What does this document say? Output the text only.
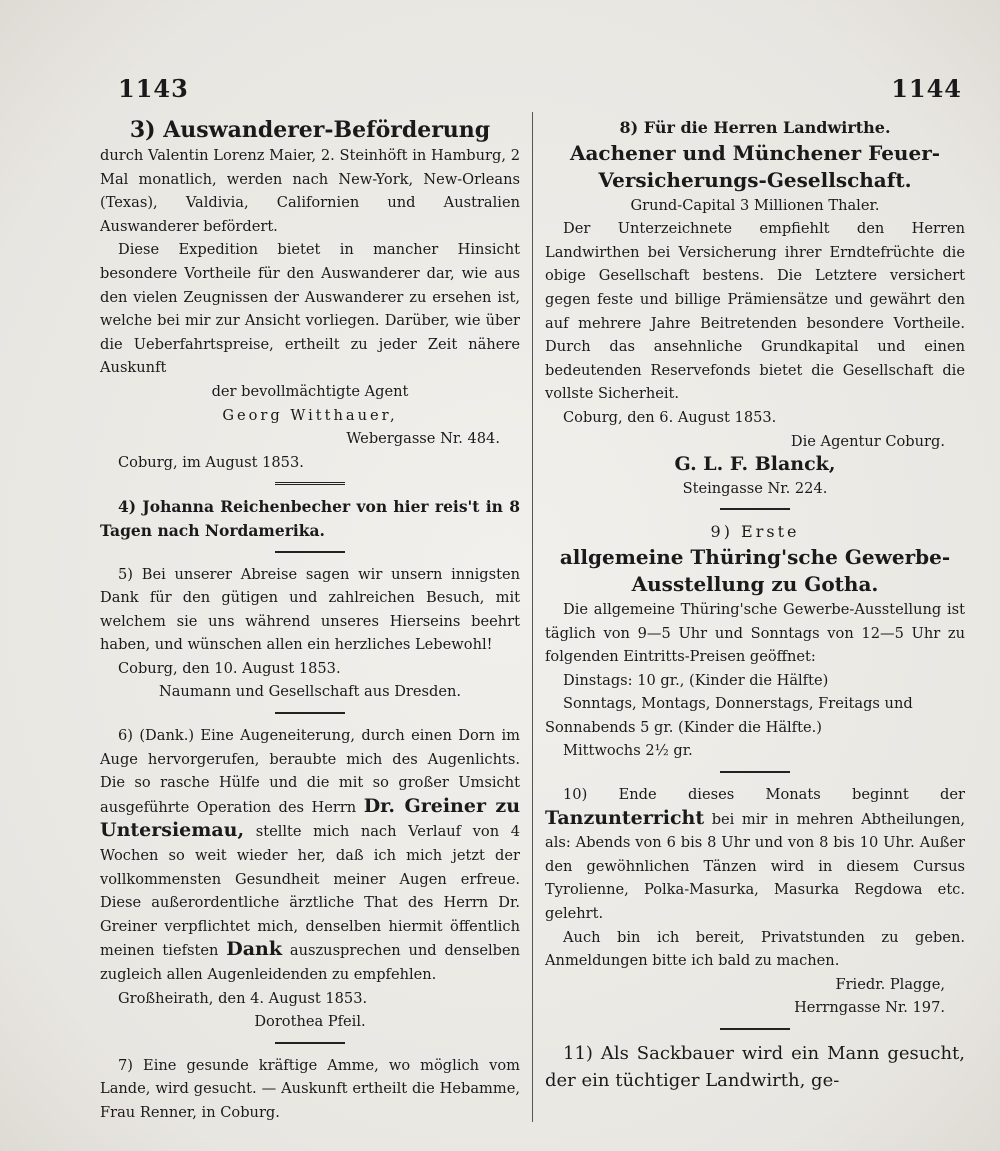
1143	1144

3) Auswanderer-Beförderung

durch Valentin Lorenz Maier, 2. Steinhöft in Hamburg, 2 Mal monatlich, werden nach New-York, New-Orleans (Texas), Valdivia, Californien und Australien Auswanderer befördert.

Diese Expedition bietet in mancher Hinsicht besondere Vortheile für den Auswanderer dar, wie aus den vielen Zeugnissen der Auswanderer zu ersehen ist, welche bei mir zur Ansicht vorliegen. Darüber, wie über die Ueberfahrtspreise, ertheilt zu jeder Zeit nähere Auskunft

der bevollmächtigte Agent

Georg Witthauer,

Webergasse Nr. 484.

Coburg, im August 1853.

4) Johanna Reichenbecher von hier reis't in 8 Tagen nach Nordamerika.

5) Bei unserer Abreise sagen wir unsern innigsten Dank für den gütigen und zahlreichen Besuch, mit welchem sie uns während unseres Hierseins beehrt haben, und wünschen allen ein herzliches Lebewohl!

Coburg, den 10. August 1853.

Naumann und Gesellschaft aus Dresden.

6) (Dank.) Eine Augeneiterung, durch einen Dorn im Auge hervorgerufen, beraubte mich des Augenlichts. Die so rasche Hülfe und die mit so großer Umsicht ausgeführte Operation des Herrn Dr. Greiner zu Untersiemau, stellte mich nach Verlauf von 4 Wochen so weit wieder her, daß ich mich jetzt der vollkommensten Gesundheit meiner Augen erfreue. Diese außerordentliche ärztliche That des Herrn Dr. Greiner verpflichtet mich, denselben hiermit öffentlich meinen tiefsten Dank auszusprechen und denselben zugleich allen Augenleidenden zu empfehlen.

Großheirath, den 4. August 1853.

Dorothea Pfeil.

7) Eine gesunde kräftige Amme, wo möglich vom Lande, wird gesucht. — Auskunft ertheilt die Hebamme, Frau Renner, in Coburg.

8) Für die Herren Landwirthe.

Aachener und Münchener Feuer-Versicherungs-Gesellschaft.

Grund-Capital 3 Millionen Thaler.

Der Unterzeichnete empfiehlt den Herren Landwirthen bei Versicherung ihrer Erndtefrüchte die obige Gesellschaft bestens. Die Letztere versichert gegen feste und billige Prämiensätze und gewährt den auf mehrere Jahre Beitretenden besondere Vortheile. Durch das ansehnliche Grundkapital und einen bedeutenden Reservefonds bietet die Gesellschaft die vollste Sicherheit.

Coburg, den 6. August 1853.

Die Agentur Coburg.

G. L. F. Blanck,

Steingasse Nr. 224.

9) Erste

allgemeine Thüring'sche Gewerbe-Ausstellung zu Gotha.

Die allgemeine Thüring'sche Gewerbe-Ausstellung ist täglich von 9—5 Uhr und Sonntags von 12—5 Uhr zu folgenden Eintritts-Preisen geöffnet:

Dinstags: 10 gr., (Kinder die Hälfte)

Sonntags, Montags, Donnerstags, Freitags und Sonnabends 5 gr. (Kinder die Hälfte.)

Mittwochs 2½ gr.

10) Ende dieses Monats beginnt der Tanzunterricht bei mir in mehren Abtheilungen, als: Abends von 6 bis 8 Uhr und von 8 bis 10 Uhr. Außer den gewöhnlichen Tänzen wird in diesem Cursus Tyrolienne, Polka-Masurka, Masurka Regdowa etc. gelehrt.

Auch bin ich bereit, Privatstunden zu geben. Anmeldungen bitte ich bald zu machen.

Friedr. Plagge,

Herrngasse Nr. 197.

11) Als Sackbauer wird ein Mann gesucht, der ein tüchtiger Landwirth, ge-
